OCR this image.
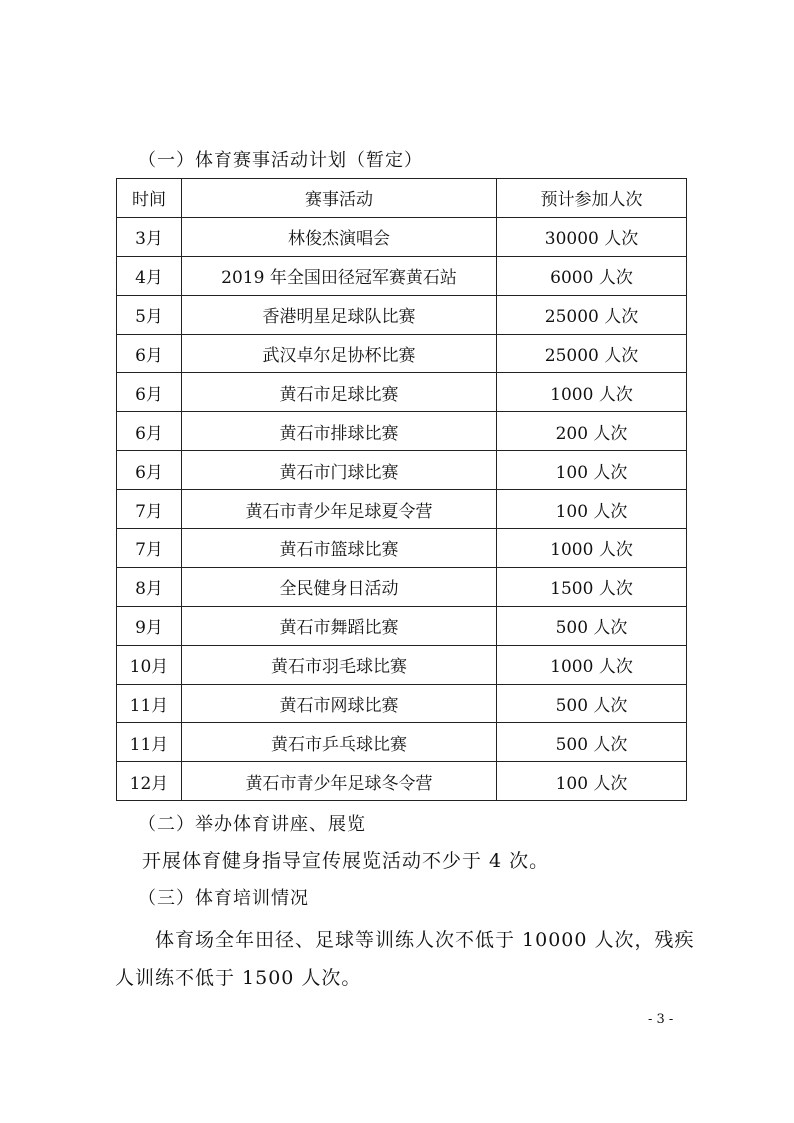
（一）体育赛事活动计划（暂定）
时间	赛事活动	预计参加人次
3月	林俊杰演唱会	30000 人次
4月	2019 年全国田径冠军赛黄石站	6000 人次
5月	香港明星足球队比赛	25000 人次
6月	武汉卓尔足协杯比赛	25000 人次
6月	黄石市足球比赛	1000 人次
6月	黄石市排球比赛	200 人次
6月	黄石市门球比赛	100 人次
7月	黄石市青少年足球夏令营	100 人次
7月	黄石市篮球比赛	1000 人次
8月	全民健身日活动	1500 人次
9月	黄石市舞蹈比赛	500 人次
10月	黄石市羽毛球比赛	1000 人次
11月	黄石市网球比赛	500 人次
11月	黄石市乒乓球比赛	500 人次
12月	黄石市青少年足球冬令营	100 人次
（二）举办体育讲座、展览
开展体育健身指导宣传展览活动不少于 4 次。
（三）体育培训情况
体育场全年田径、足球等训练人次不低于 10000 人次，残疾
人训练不低于 1500 人次。
- 3 -
